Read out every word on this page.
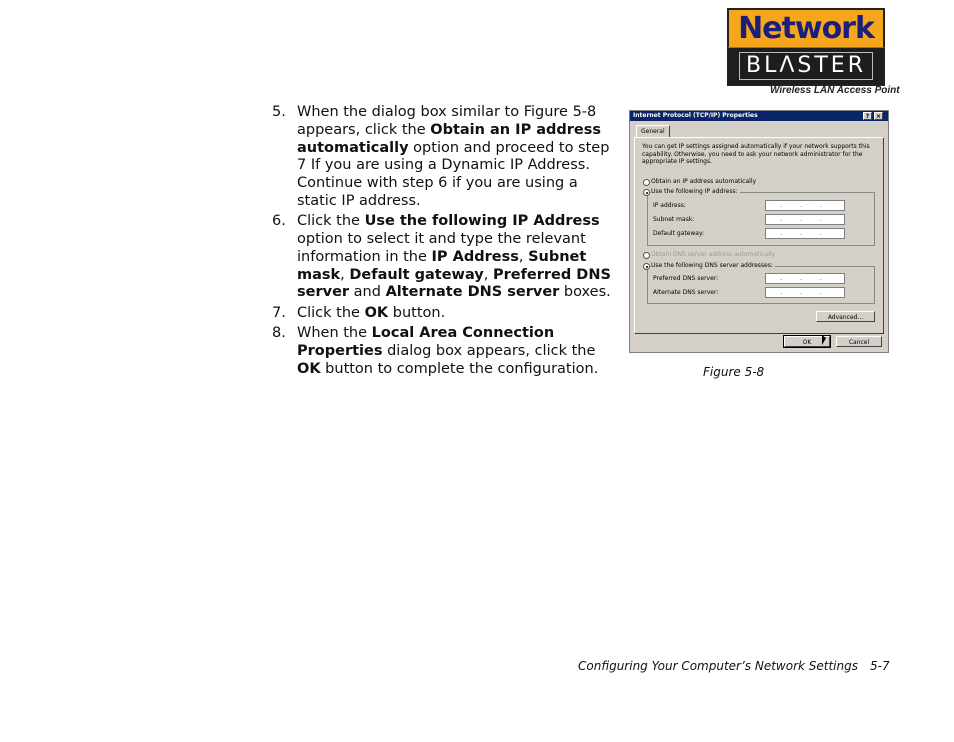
Network
BLΛSTER
Wireless LAN Access Point
5. When the dialog box similar to Figure 5-8 appears, click the Obtain an IP address automatically option and proceed to step 7 If you are using a Dynamic IP Address. Continue with step 6 if you are using a static IP address.
6. Click the Use the following IP Address option to select it and type the relevant information in the IP Address, Subnet mask, Default gateway, Preferred DNS server and Alternate DNS server boxes.
7. Click the OK button.
8. When the Local Area Connection Properties dialog box appears, click the OK button to complete the configuration.
Internet Protocol (TCP/IP) Properties	?	×
General
You can get IP settings assigned automatically if your network supports this capability. Otherwise, you need to ask your network administrator for the appropriate IP settings.
Obtain an IP address automatically
Use the following IP address:
IP address:	. . .
Subnet mask:	. . .
Default gateway:	. . .
Obtain DNS server address automatically
Use the following DNS server addresses:
Preferred DNS server:	. . .
Alternate DNS server:	. . .
Advanced...
OK	Cancel
Figure 5-8
Configuring Your Computer’s Network Settings 5-7
